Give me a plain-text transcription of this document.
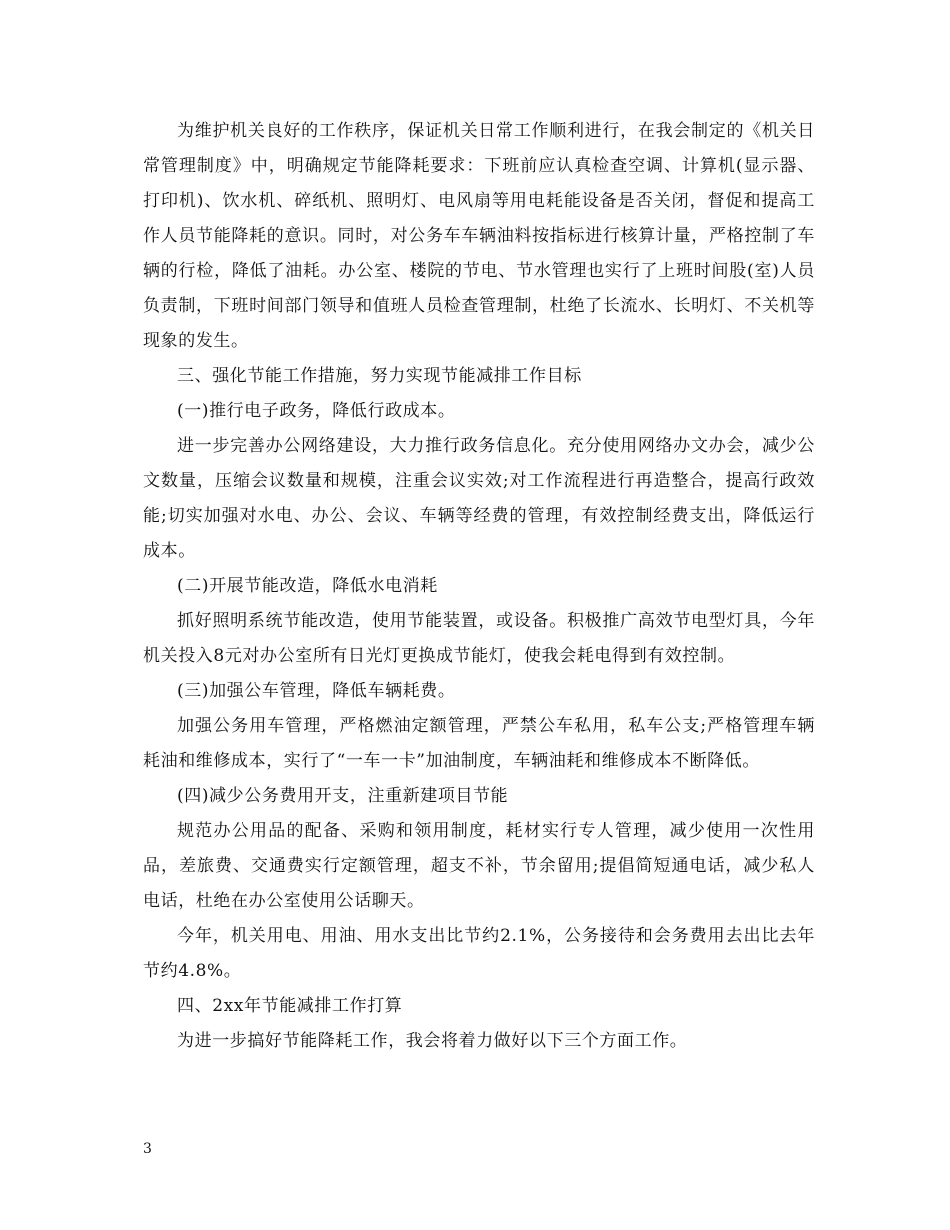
为维护机关良好的工作秩序，保证机关日常工作顺利进行，在我会制定的《机关日常管理制度》中，明确规定节能降耗要求：下班前应认真检查空调、计算机(显示器、打印机)、饮水机、碎纸机、照明灯、电风扇等用电耗能设备是否关闭，督促和提高工作人员节能降耗的意识。同时，对公务车车辆油料按指标进行核算计量，严格控制了车辆的行检，降低了油耗。办公室、楼院的节电、节水管理也实行了上班时间股(室)人员负责制，下班时间部门领导和值班人员检查管理制，杜绝了长流水、长明灯、不关机等现象的发生。

三、强化节能工作措施，努力实现节能减排工作目标

(一)推行电子政务，降低行政成本。

进一步完善办公网络建设，大力推行政务信息化。充分使用网络办文办会，减少公文数量，压缩会议数量和规模，注重会议实效;对工作流程进行再造整合，提高行政效能;切实加强对水电、办公、会议、车辆等经费的管理，有效控制经费支出，降低运行成本。

(二)开展节能改造，降低水电消耗

抓好照明系统节能改造，使用节能装置，或设备。积极推广高效节电型灯具，今年机关投入8元对办公室所有日光灯更换成节能灯，使我会耗电得到有效控制。

(三)加强公车管理，降低车辆耗费。

加强公务用车管理，严格燃油定额管理，严禁公车私用，私车公支;严格管理车辆耗油和维修成本，实行了“一车一卡”加油制度，车辆油耗和维修成本不断降低。

(四)减少公务费用开支，注重新建项目节能

规范办公用品的配备、采购和领用制度，耗材实行专人管理，减少使用一次性用品，差旅费、交通费实行定额管理，超支不补，节余留用;提倡简短通电话，减少私人电话，杜绝在办公室使用公话聊天。

今年，机关用电、用油、用水支出比节约2.1%，公务接待和会务费用去出比去年节约4.8%。

四、2xx年节能减排工作打算

为进一步搞好节能降耗工作，我会将着力做好以下三个方面工作。

3
